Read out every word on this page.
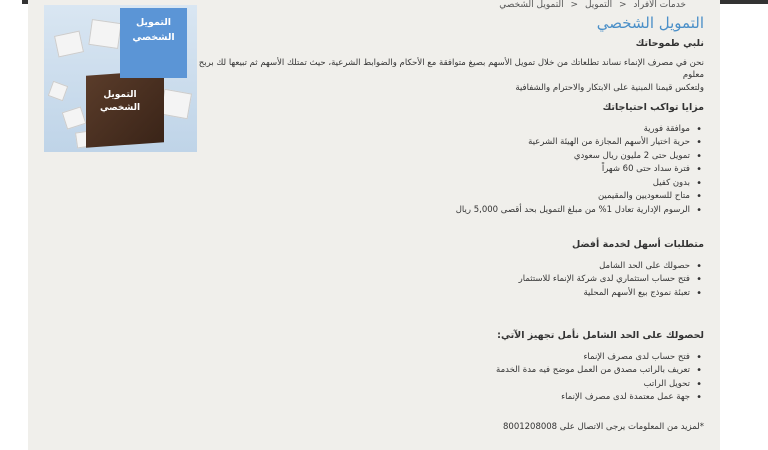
خدمات الأفراد < التمويل < التمويل الشخصي
التمويل الشخصي
التمويل
الشخصي
التمويل
الشخصي
نلبي طموحاتك
نحن في مصرف الإنماء نساند تطلعاتك من خلال تمويل الأسهم بصيغ متوافقة مع الأحكام والضوابط الشرعية، حيث تمتلك الأسهم ثم تبيعها لك بربح معلوم
ولتعكس قيمنا المبنية على الابتكار والاحترام والشفافية
مزايا تواكب احتياجاتك
• موافقة فورية
• حرية اختيار الأسهم المجازة من الهيئة الشرعية
• تمويل حتى 2 مليون ريال سعودي
• فترة سداد حتى 60 شهراً
• بدون كفيل
• متاح للسعوديين والمقيمين
• الرسوم الإدارية تعادل 1% من مبلغ التمويل بحد أقصى 5,000 ريال
متطلبات أسهل لخدمة أفضل
• حصولك على الحد الشامل
• فتح حساب استثماري لدى شركة الإنماء للاستثمار
• تعبئة نموذج بيع الأسهم المحلية
لحصولك على الحد الشامل نأمل تجهيز الآتي:
• فتح حساب لدى مصرف الإنماء
• تعريف بالراتب مصدق من العمل موضح فيه مدة الخدمة
• تحويل الراتب
• جهة عمل معتمدة لدى مصرف الإنماء
*لمزيد من المعلومات يرجى الاتصال على 8001208008
